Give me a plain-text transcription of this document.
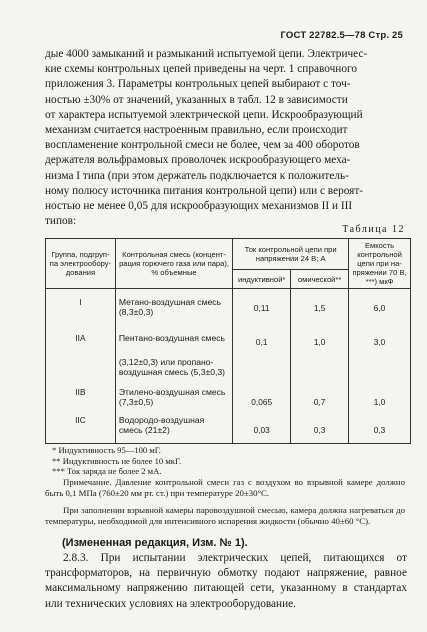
ГОСТ 22782.5—78 Стр. 25
дые 4000 замыканий и размыканий испытуемой цепи. Электричес-
кие схемы контрольных цепей приведены на черт. 1 справочного
приложения 3. Параметры контрольных цепей выбирают с точ-
ностью ±30% от значений, указанных в табл. 12 в зависимости
от характера испытуемой электрической цепи. Искрообразующий
механизм считается настроенным правильно, если происходит
воспламенение контрольной смеси не более, чем за 400 оборотов
держателя вольфрамовых проволочек искрообразующего меха-
низма I типа (при этом держатель подключается к положитель-
ному полюсу источника питания контрольной цепи) или с вероят-
ностью не менее 0,05 для искрообразующих механизмов II и III
типов:
Таблица 12
Группа, подгруп-па электрообору-дования	Контрольная смесь (концент-рация горючего газа или пара), % объемные	Ток контрольной цепи при напряжении 24 В; А		Емкость контрольной цепи при на-пряжении 70 В, ***) мкФ
		индуктивной*	омической**	
I	Метано-воздушная смесь (8,3±0,3)	0,11	1,5	6,0
IIA	Пентано-воздушная смесь	0,1	1,0	3,0
	(3,12±0,3) или пропано-воздушная смесь (5,3±0,3)			
IIB	Этилено-воздушная смесь (7,3±0,5)	0,065	0,7	1,0
IIC	Водородо-воздушная смесь (21±2)	0,03	0,3	0,3
* Индуктивность 95—100 мГ.
** Индуктивность не более 10 мкГ.
*** Ток заряда не более 2 мА.
Примечание. Давление контрольной смеси газ с воздухом во взрывной камере должно быть 0,1 МПа (760±20 мм рт. ст.) при температуре 20±30°С.
При заполнении взрывной камеры паровоздушной смесью, камера должна нагреваться до температуры, необходимой для интенсивного испарения жидкости (обычно 40±60 °С).
(Измененная редакция, Изм. № 1).
2.8.3. При испытании электрических цепей, питающихся от трансформаторов, на первичную обмотку подают напряжение, равное максимальному напряжению питающей сети, указанному в стандартах или технических условиях на электрооборудование.
